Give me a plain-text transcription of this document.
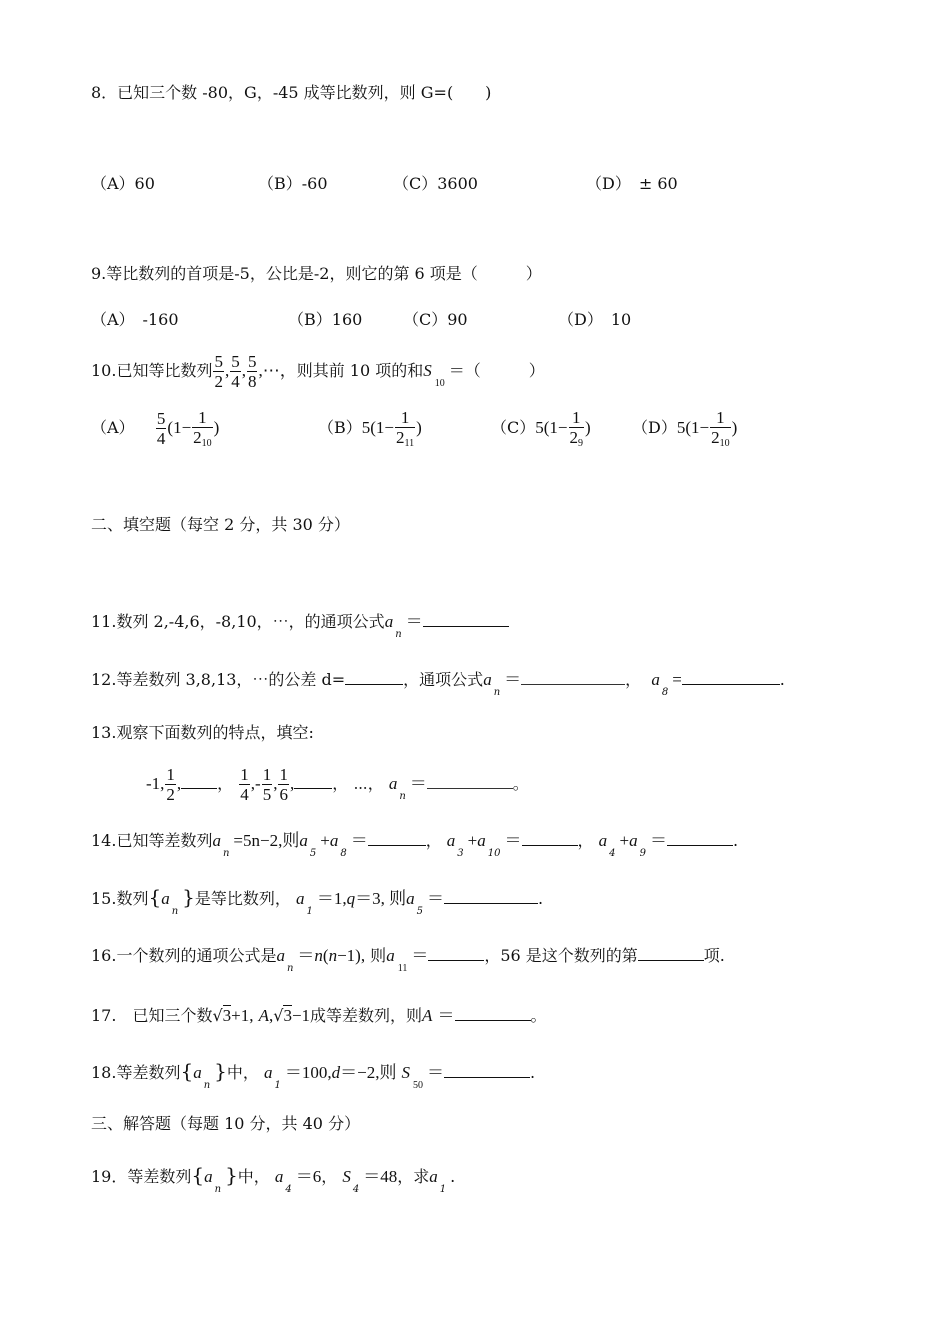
8．已知三个数 -80，G，-45 成等比数列，则 G=(　　)
（A）60	（B）-60	（C）3600	（D）　± 60
9.等比数列的首项是-5，公比是-2，则它的第 6 项是（　　　）
（A）　-160	（B）160	（C）90	（D）　10
10.已知等比数列 $\frac{5}{2}$ , $\frac{5}{4}$ , $\frac{5}{8}$ ,⋯，则其前 10 项的和$S_{10}=$（　　　）
$(A) \frac{5}{4} (1- \frac{1}{210}$ )	$(B)5(1- \frac{1}{211}$ )	$(C)5(1- \frac{1}{29}$ )	$(D)5(1- \frac{1}{210}$ )
二、填空题（每空 2 分，共 30 分）
11.数列 2,-4,6，-8,10，⋯，的通项公式$a_n=$
12.等差数列 3,8,13，⋯的公差 d=	，通项公式$a_n=$	， $a_8=$	.
13.观察下面数列的特点，填空:
-1, $\frac{1}{2}$ , ， $\frac{1}{4}$ ,- $\frac{1}{5}$ , $\frac{1}{6}$ , ， ⋯， $a_n=$	。
14.已知等差数列$a_n=5n-2$,则$a_5+a_8=$	， $a_3+a_{10}=$	， $a_4+a_9=$	.
15.数列$\{a_n\}$是等比数列， $a_1=1,q=3$, 则$a_5=$	.
16.一个数列的通项公式是$a_n=n(n-1)$, 则$a_{11}=$	，56 是这个数列的第	项.
17.　已知三个数√3+1, A,√3−1成等差数列，则A ＝	。
18.等差数列$\{a_n\}$中， $a_1=100,d=-2$,则 $S_{50}=$	.
三、解答题（每题 10 分，共 40 分）
19．等差数列$\{a_n\}$中， $a_4=6$， $S_4=48$，求$a_1$.
